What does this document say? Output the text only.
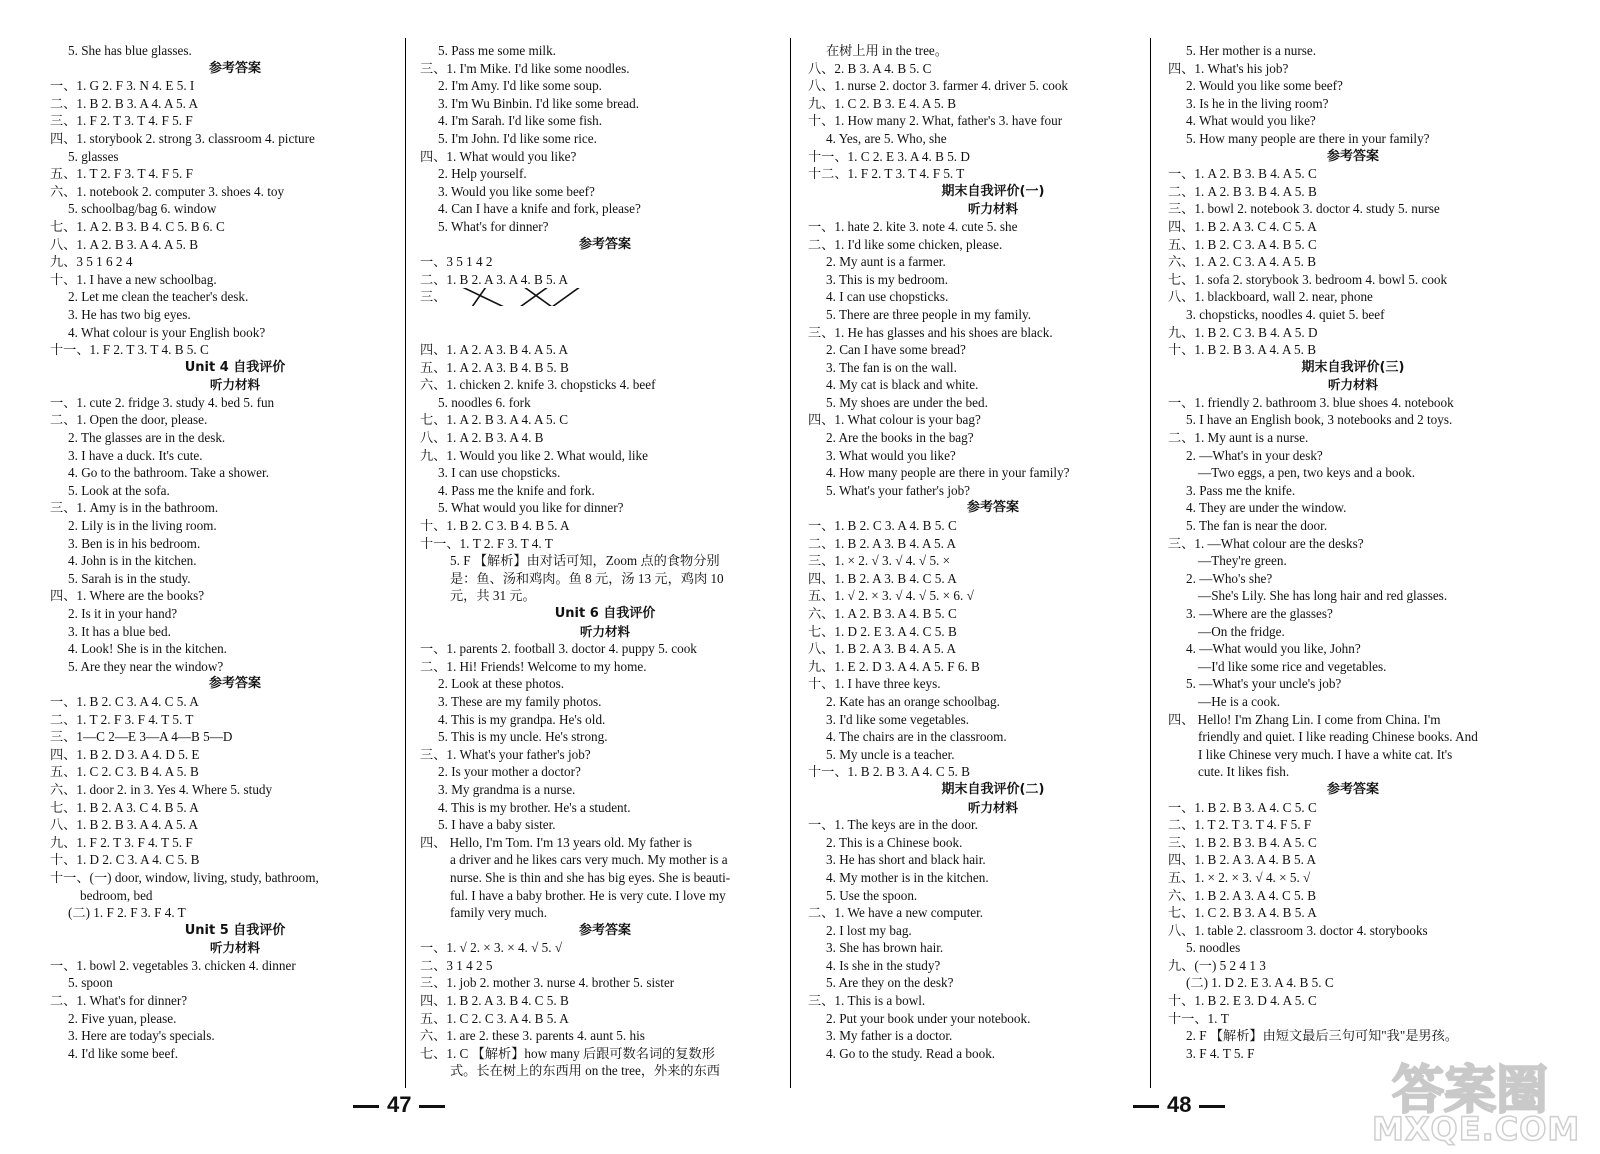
5. She has blue glasses.
参考答案
一、1. G 2. F 3. N 4. E 5. I
二、1. B 2. B 3. A 4. A 5. A
三、1. F 2. T 3. T 4. F 5. F
四、1. storybook 2. strong 3. classroom 4. picture
5. glasses
五、1. T 2. F 3. T 4. F 5. F
六、1. notebook 2. computer 3. shoes 4. toy
5. schoolbag/bag 6. window
七、1. A 2. B 3. B 4. C 5. B 6. C
八、1. A 2. B 3. A 4. A 5. B
九、3 5 1 6 2 4
十、1. I have a new schoolbag.
2. Let me clean the teacher's desk.
3. He has two big eyes.
4. What colour is your English book?
十一、1. F 2. T 3. T 4. B 5. C
Unit 4 自我评价
听力材料
一、1. cute 2. fridge 3. study 4. bed 5. fun
二、1. Open the door, please.
2. The glasses are in the desk.
3. I have a duck. It's cute.
4. Go to the bathroom. Take a shower.
5. Look at the sofa.
三、1. Amy is in the bathroom.
2. Lily is in the living room.
3. Ben is in his bedroom.
4. John is in the kitchen.
5. Sarah is in the study.
四、1. Where are the books?
2. Is it in your hand?
3. It has a blue bed.
4. Look! She is in the kitchen.
5. Are they near the window?
参考答案
一、1. B 2. C 3. A 4. C 5. A
二、1. T 2. F 3. F 4. T 5. T
三、1—C 2—E 3—A 4—B 5—D
四、1. B 2. D 3. A 4. D 5. E
五、1. C 2. C 3. B 4. A 5. B
六、1. door 2. in 3. Yes 4. Where 5. study
七、1. B 2. A 3. C 4. B 5. A
八、1. B 2. B 3. A 4. A 5. A
九、1. F 2. T 3. F 4. T 5. F
十、1. D 2. C 3. A 4. C 5. B
十一、(一) door, window, living, study, bathroom,
bedroom, bed
(二) 1. F 2. F 3. F 4. T
Unit 5 自我评价
听力材料
一、1. bowl 2. vegetables 3. chicken 4. dinner
5. spoon
二、1. What's for dinner?
2. Five yuan, please.
3. Here are today's specials.
4. I'd like some beef.
5. Pass me some milk.
三、1. I'm Mike. I'd like some noodles.
2. I'm Amy. I'd like some soup.
3. I'm Wu Binbin. I'd like some bread.
4. I'm Sarah. I'd like some fish.
5. I'm John. I'd like some rice.
四、1. What would you like?
2. Help yourself.
3. Would you like some beef?
4. Can I have a knife and fork, please?
5. What's for dinner?
参考答案
一、3 5 1 4 2
二、1. B 2. A 3. A 4. B 5. A
三、

四、1. A 2. A 3. B 4. A 5. A
五、1. A 2. A 3. B 4. B 5. B
六、1. chicken 2. knife 3. chopsticks 4. beef
5. noodles 6. fork
七、1. A 2. B 3. A 4. A 5. C
八、1. A 2. B 3. A 4. B
九、1. Would you like 2. What would, like
3. I can use chopsticks.
4. Pass me the knife and fork.
5. What would you like for dinner?
十、1. B 2. C 3. B 4. B 5. A
十一、1. T 2. F 3. T 4. T
5. F 【解析】由对话可知，Zoom 点的食物分别
是：鱼、汤和鸡肉。鱼 8 元，汤 13 元，鸡肉 10
元，共 31 元。
Unit 6 自我评价
听力材料
一、1. parents 2. football 3. doctor 4. puppy 5. cook
二、1. Hi! Friends! Welcome to my home.
2. Look at these photos.
3. These are my family photos.
4. This is my grandpa. He's old.
5. This is my uncle. He's strong.
三、1. What's your father's job?
2. Is your mother a doctor?
3. My grandma is a nurse.
4. This is my brother. He's a student.
5. I have a baby sister.
四、 Hello, I'm Tom. I'm 13 years old. My father is
a driver and he likes cars very much. My mother is a
nurse. She is thin and she has big eyes. She is beauti-
ful. I have a baby brother. He is very cute. I love my
family very much.
参考答案
一、1. √ 2. × 3. × 4. √ 5. √
二、3 1 4 2 5
三、1. job 2. mother 3. nurse 4. brother 5. sister
四、1. B 2. A 3. B 4. C 5. B
五、1. C 2. C 3. A 4. B 5. A
六、1. are 2. these 3. parents 4. aunt 5. his
七、1. C 【解析】how many 后跟可数名词的复数形
式。长在树上的东西用 on the tree，外来的东西
在树上用 in the tree。
八、2. B 3. A 4. B 5. C
八、1. nurse 2. doctor 3. farmer 4. driver 5. cook
九、1. C 2. B 3. E 4. A 5. B
十、1. How many 2. What, father's 3. have four
4. Yes, are 5. Who, she
十一、1. C 2. E 3. A 4. B 5. D
十二、1. F 2. T 3. T 4. F 5. T
期末自我评价(一)
听力材料
一、1. hate 2. kite 3. note 4. cute 5. she
二、1. I'd like some chicken, please.
2. My aunt is a farmer.
3. This is my bedroom.
4. I can use chopsticks.
5. There are three people in my family.
三、1. He has glasses and his shoes are black.
2. Can I have some bread?
3. The fan is on the wall.
4. My cat is black and white.
5. My shoes are under the bed.
四、1. What colour is your bag?
2. Are the books in the bag?
3. What would you like?
4. How many people are there in your family?
5. What's your father's job?
参考答案
一、1. B 2. C 3. A 4. B 5. C
二、1. B 2. A 3. B 4. A 5. A
三、1. × 2. √ 3. √ 4. √ 5. ×
四、1. B 2. A 3. B 4. C 5. A
五、1. √ 2. × 3. √ 4. √ 5. × 6. √
六、1. A 2. B 3. A 4. B 5. C
七、1. D 2. E 3. A 4. C 5. B
八、1. B 2. A 3. B 4. A 5. A
九、1. E 2. D 3. A 4. A 5. F 6. B
十、1. I have three keys.
2. Kate has an orange schoolbag.
3. I'd like some vegetables.
4. The chairs are in the classroom.
5. My uncle is a teacher.
十一、1. B 2. B 3. A 4. C 5. B
期末自我评价(二)
听力材料
一、1. The keys are in the door.
2. This is a Chinese book.
3. He has short and black hair.
4. My mother is in the kitchen.
5. Use the spoon.
二、1. We have a new computer.
2. I lost my bag.
3. She has brown hair.
4. Is she in the study?
5. Are they on the desk?
三、1. This is a bowl.
2. Put your book under your notebook.
3. My father is a doctor.
4. Go to the study. Read a book.
5. Her mother is a nurse.
四、1. What's his job?
2. Would you like some beef?
3. Is he in the living room?
4. What would you like?
5. How many people are there in your family?
参考答案
一、1. A 2. B 3. B 4. A 5. C
二、1. A 2. B 3. B 4. A 5. B
三、1. bowl 2. notebook 3. doctor 4. study 5. nurse
四、1. B 2. A 3. C 4. C 5. A
五、1. B 2. C 3. A 4. B 5. C
六、1. A 2. C 3. A 4. A 5. B
七、1. sofa 2. storybook 3. bedroom 4. bowl 5. cook
八、1. blackboard, wall 2. near, phone
3. chopsticks, noodles 4. quiet 5. beef
九、1. B 2. C 3. B 4. A 5. D
十、1. B 2. B 3. A 4. A 5. B
期末自我评价(三)
听力材料
一、1. friendly 2. bathroom 3. blue shoes 4. notebook
5. I have an English book, 3 notebooks and 2 toys.
二、1. My aunt is a nurse.
2. —What's in your desk?
—Two eggs, a pen, two keys and a book.
3. Pass me the knife.
4. They are under the window.
5. The fan is near the door.
三、1. —What colour are the desks?
—They're green.
2. —Who's she?
—She's Lily. She has long hair and red glasses.
3. —Where are the glasses?
—On the fridge.
4. —What would you like, John?
—I'd like some rice and vegetables.
5. —What's your uncle's job?
—He is a cook.
四、 Hello! I'm Zhang Lin. I come from China. I'm
friendly and quiet. I like reading Chinese books. And
I like Chinese very much. I have a white cat. It's
cute. It likes fish.
参考答案
一、1. B 2. B 3. A 4. C 5. C
二、1. T 2. T 3. T 4. F 5. F
三、1. B 2. B 3. B 4. A 5. C
四、1. B 2. A 3. A 4. B 5. A
五、1. × 2. × 3. √ 4. × 5. √
六、1. B 2. A 3. A 4. C 5. B
七、1. C 2. B 3. A 4. B 5. A
八、1. table 2. classroom 3. doctor 4. storybooks
5. noodles
九、(一) 5 2 4 1 3
(二) 1. D 2. E 3. A 4. B 5. C
十、1. B 2. E 3. D 4. A 5. C
十一、1. T
2. F 【解析】由短文最后三句可知"我"是男孩。
3. F 4. T 5. F
47	48	答案圈
MXQE.COM
